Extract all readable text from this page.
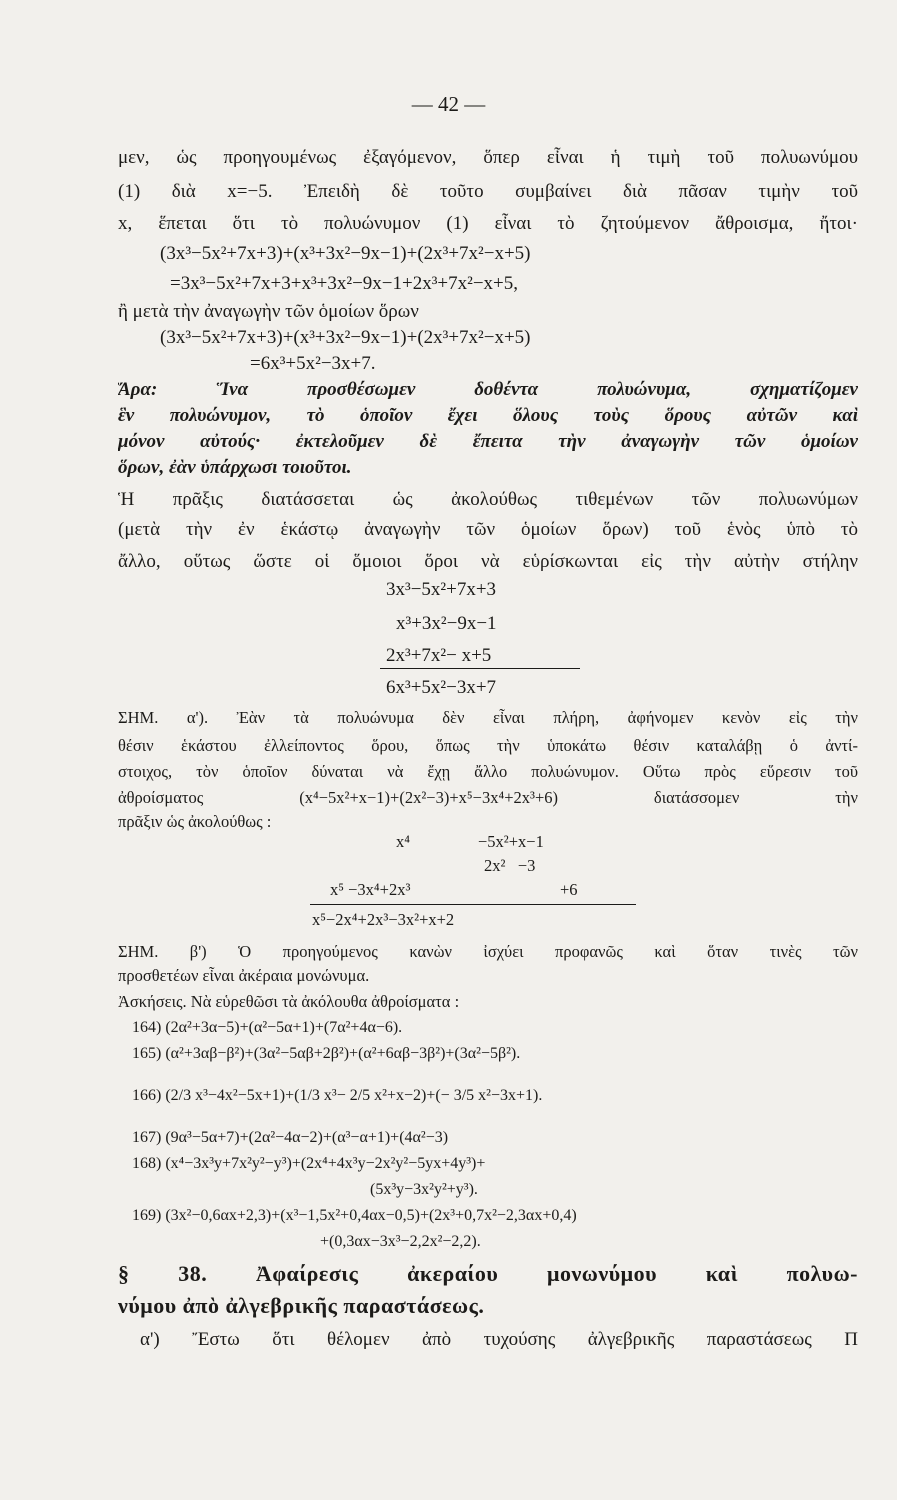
— 42 —
μεν, ὡς προηγουμένως ἐξαγόμενον, ὅπερ εἶναι ἡ τιμὴ τοῦ πολυωνύμου
(1) διὰ x=−5. Ἐπειδὴ δὲ τοῦτο συμβαίνει διὰ πᾶσαν τιμὴν τοῦ
x, ἕπεται ὅτι τὸ πολυώνυμον (1) εἶναι τὸ ζητούμενον ἄθροισμα, ἤτοι·
(3x³−5x²+7x+3)+(x³+3x²−9x−1)+(2x³+7x²−x+5)
=3x³−5x²+7x+3+x³+3x²−9x−1+2x³+7x²−x+5,
ἢ μετὰ τὴν ἀναγωγὴν τῶν ὁμοίων ὅρων
(3x³−5x²+7x+3)+(x³+3x²−9x−1)+(2x³+7x²−x+5)
=6x³+5x²−3x+7.
Ἄρα: Ἵνα προσθέσωμεν δοθέντα πολυώνυμα, σχηματίζομεν
ἓν πολυώνυμον, τὸ ὁποῖον ἔχει ὅλους τοὺς ὅρους αὐτῶν καὶ
μόνον αὐτούς· ἐκτελοῦμεν δὲ ἔπειτα τὴν ἀναγωγὴν τῶν ὁμοίων
ὅρων, ἐὰν ὑπάρχωσι τοιοῦτοι.
Ἡ πρᾶξις διατάσσεται ὡς ἀκολούθως τιθεμένων τῶν πολυωνύμων
(μετὰ τὴν ἐν ἑκάστῳ ἀναγωγὴν τῶν ὁμοίων ὅρων) τοῦ ἑνὸς ὑπὸ τὸ
ἄλλο, οὕτως ὥστε οἱ ὅμοιοι ὅροι νὰ εὑρίσκωνται εἰς τὴν αὐτὴν στήλην
3x³−5x²+7x+3
x³+3x²−9x−1
2x³+7x²− x+5
6x³+5x²−3x+7
ΣΗΜ. α'). Ἐὰν τὰ πολυώνυμα δὲν εἶναι πλήρη, ἀφήνομεν κενὸν εἰς τὴν
θέσιν ἑκάστου ἐλλείποντος ὅρου, ὅπως τὴν ὑποκάτω θέσιν καταλάβῃ ὁ ἀντί-
στοιχος, τὸν ὁποῖον δύναται νὰ ἔχῃ ἄλλο πολυώνυμον. Οὕτω πρὸς εὕρεσιν τοῦ
ἀθροίσματος (x⁴−5x²+x−1)+(2x²−3)+x⁵−3x⁴+2x³+6) διατάσσομεν τὴν
πρᾶξιν ὡς ἀκολούθως :
x⁴	−5x²+x−1
2x²   −3
x⁵ −3x⁴+2x³	+6
x⁵−2x⁴+2x³−3x²+x+2
ΣΗΜ. β') Ὁ προηγούμενος κανὼν ἰσχύει προφανῶς καὶ ὅταν τινὲς τῶν
προσθετέων εἶναι ἀκέραια μονώνυμα.
Ἀσκήσεις. Νὰ εὑρεθῶσι τὰ ἀκόλουθα ἀθροίσματα :
164) (2α²+3α−5)+(α²−5α+1)+(7α²+4α−6).
165) (α²+3αβ−β²)+(3α²−5αβ+2β²)+(α²+6αβ−3β²)+(3α²−5β²).
166) (2/3 x³−4x²−5x+1)+(1/3 x³− 2/5 x²+x−2)+(− 3/5 x²−3x+1).
167) (9α³−5α+7)+(2α²−4α−2)+(α³−α+1)+(4α²−3)
168) (x⁴−3x³y+7x²y²−y³)+(2x⁴+4x³y−2x²y²−5yx+4y³)+
(5x³y−3x²y²+y³).
169) (3x²−0,6αx+2,3)+(x³−1,5x²+0,4αx−0,5)+(2x³+0,7x²−2,3αx+0,4)
+(0,3αx−3x³−2,2x²−2,2).
§ 38. Ἀφαίρεσις ἀκεραίου μονωνύμου καὶ πολυω-
νύμου ἀπὸ ἀλγεβρικῆς παραστάσεως.
α') Ἔστω ὅτι θέλομεν ἀπὸ τυχούσης ἀλγεβρικῆς παραστάσεως Π
